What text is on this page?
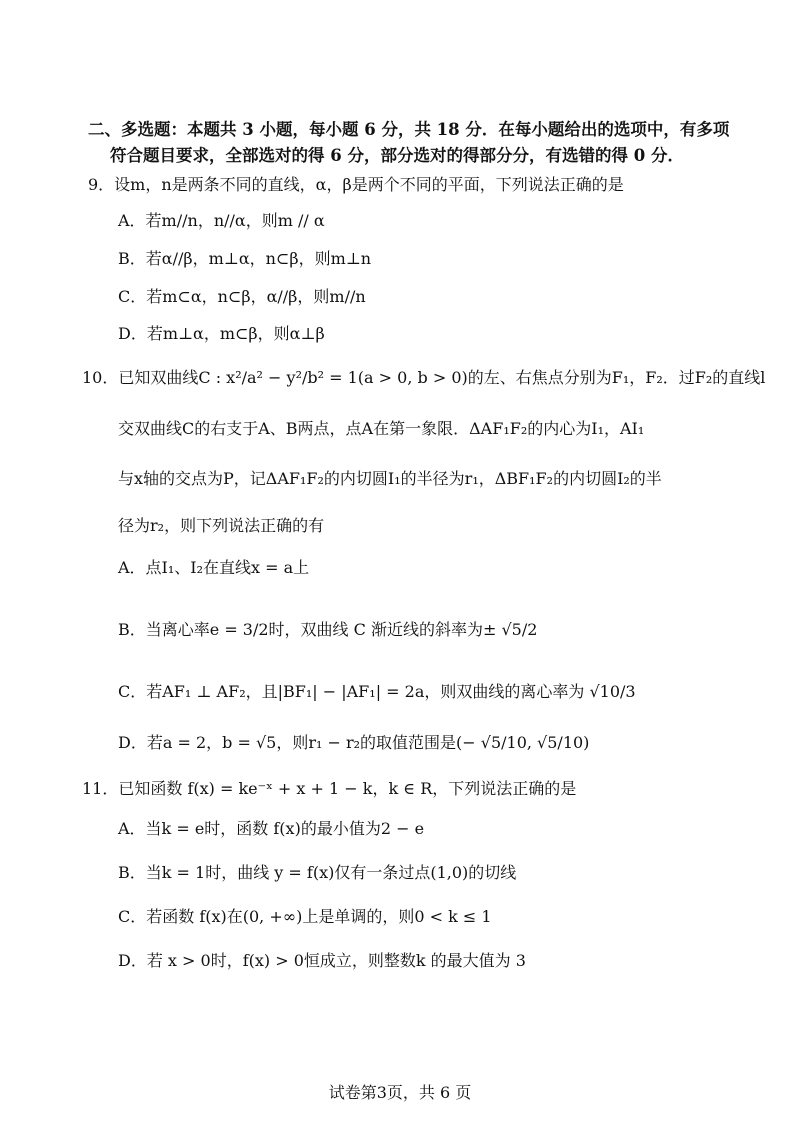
二、多选题：本题共 3 小题，每小题 6 分，共 18 分．在每小题给出的选项中，有多项
符合题目要求，全部选对的得 6 分，部分选对的得部分分，有选错的得 0 分．
9．设m，n是两条不同的直线，α，β是两个不同的平面，下列说法正确的是
A．若m//n，n//α，则m // α
B．若α//β，m⊥α，n⊂β，则m⊥n
C．若m⊂α，n⊂β，α//β，则m//n
D．若m⊥α，m⊂β，则α⊥β
10．已知双曲线C : x²/a² − y²/b² = 1(a > 0, b > 0)的左、右焦点分别为F₁，F₂．过F₂的直线l
交双曲线C的右支于A、B两点，点A在第一象限．ΔAF₁F₂的内心为I₁，AI₁
与x轴的交点为P，记ΔAF₁F₂的内切圆I₁的半径为r₁，ΔBF₁F₂的内切圆I₂的半
径为r₂，则下列说法正确的有
A．点I₁、I₂在直线x = a上
B．当离心率e = 3/2时，双曲线 C 渐近线的斜率为± √5/2
C．若AF₁ ⊥ AF₂，且|BF₁| − |AF₁| = 2a，则双曲线的离心率为 √10/3
D．若a = 2，b = √5，则r₁ − r₂的取值范围是(− √5/10, √5/10)
11．已知函数 f(x) = ke⁻ˣ + x + 1 − k，k ∈ R，下列说法正确的是
A．当k = e时，函数 f(x)的最小值为2 − e
B．当k = 1时，曲线 y = f(x)仅有一条过点(1,0)的切线
C．若函数 f(x)在(0, +∞)上是单调的，则0 < k ≤ 1
D．若 x > 0时，f(x) > 0恒成立，则整数k 的最大值为 3
试卷第3页，共 6 页
